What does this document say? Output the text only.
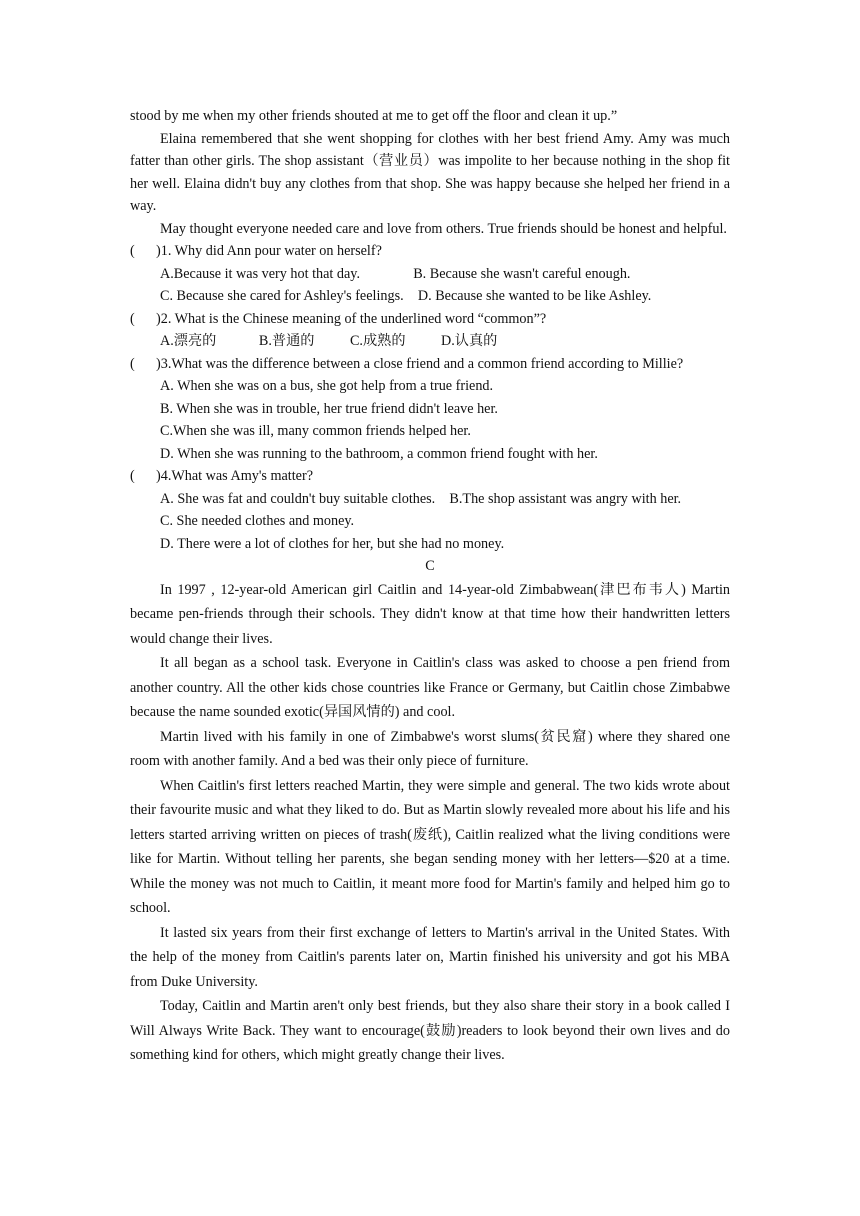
stood by me when my other friends shouted at me to get off the floor and clean it up.”
Elaina remembered that she went shopping for clothes with her best friend Amy. Amy was much fatter than other girls. The shop assistant（营业员）was impolite to her because nothing in the shop fit her well. Elaina didn't buy any clothes from that shop. She was happy because she helped her friend in a way.
May thought everyone needed care and love from others. True friends should be honest and helpful.
(      )1. Why did Ann pour water on herself?
A.Because it was very hot that day.               B. Because she wasn't careful enough.
C. Because she cared for Ashley's feelings.    D. Because she wanted to be like Ashley.
(      )2. What is the Chinese meaning of the underlined word “common”?
A.漂亮的            B.普通的          C.成熟的          D.认真的
(      )3.What was the difference between a close friend and a common friend according to Millie?
A. When she was on a bus, she got help from a true friend.
B. When she was in trouble, her true friend didn't leave her.
C.When she was ill, many common friends helped her.
D. When she was running to the bathroom, a common friend fought with her.
(      )4.What was Amy's matter?
A. She was fat and couldn't buy suitable clothes.    B.The shop assistant was angry with her.
C. She needed clothes and money.
D. There were a lot of clothes for her, but she had no money.
C
In 1997 , 12-year-old American girl Caitlin and 14-year-old Zimbabwean(津巴布韦人) Martin became pen-friends through their schools. They didn't know at that time how their handwritten letters would change their lives.
It all began as a school task. Everyone in Caitlin's class was asked to choose a pen friend from another country. All the other kids chose countries like France or Germany, but Caitlin chose Zimbabwe because the name sounded exotic(异国风情的) and cool.
Martin lived with his family in one of Zimbabwe's worst slums(贫民窟) where they shared one room with another family. And a bed was their only piece of furniture.
When Caitlin's first letters reached Martin, they were simple and general. The two kids wrote about their favourite music and what they liked to do. But as Martin slowly revealed more about his life and his letters started arriving written on pieces of trash(废纸), Caitlin realized what the living conditions were like for Martin. Without telling her parents, she began sending money with her letters—$20 at a time. While the money was not much to Caitlin, it meant more food for Martin's family and helped him go to school.
It lasted six years from their first exchange of letters to Martin's arrival in the United States. With the help of the money from Caitlin's parents later on, Martin finished his university and got his MBA from Duke University.
Today, Caitlin and Martin aren't only best friends, but they also share their story in a book called I Will Always Write Back. They want to encourage(鼓励)readers to look beyond their own lives and do something kind for others, which might greatly change their lives.
